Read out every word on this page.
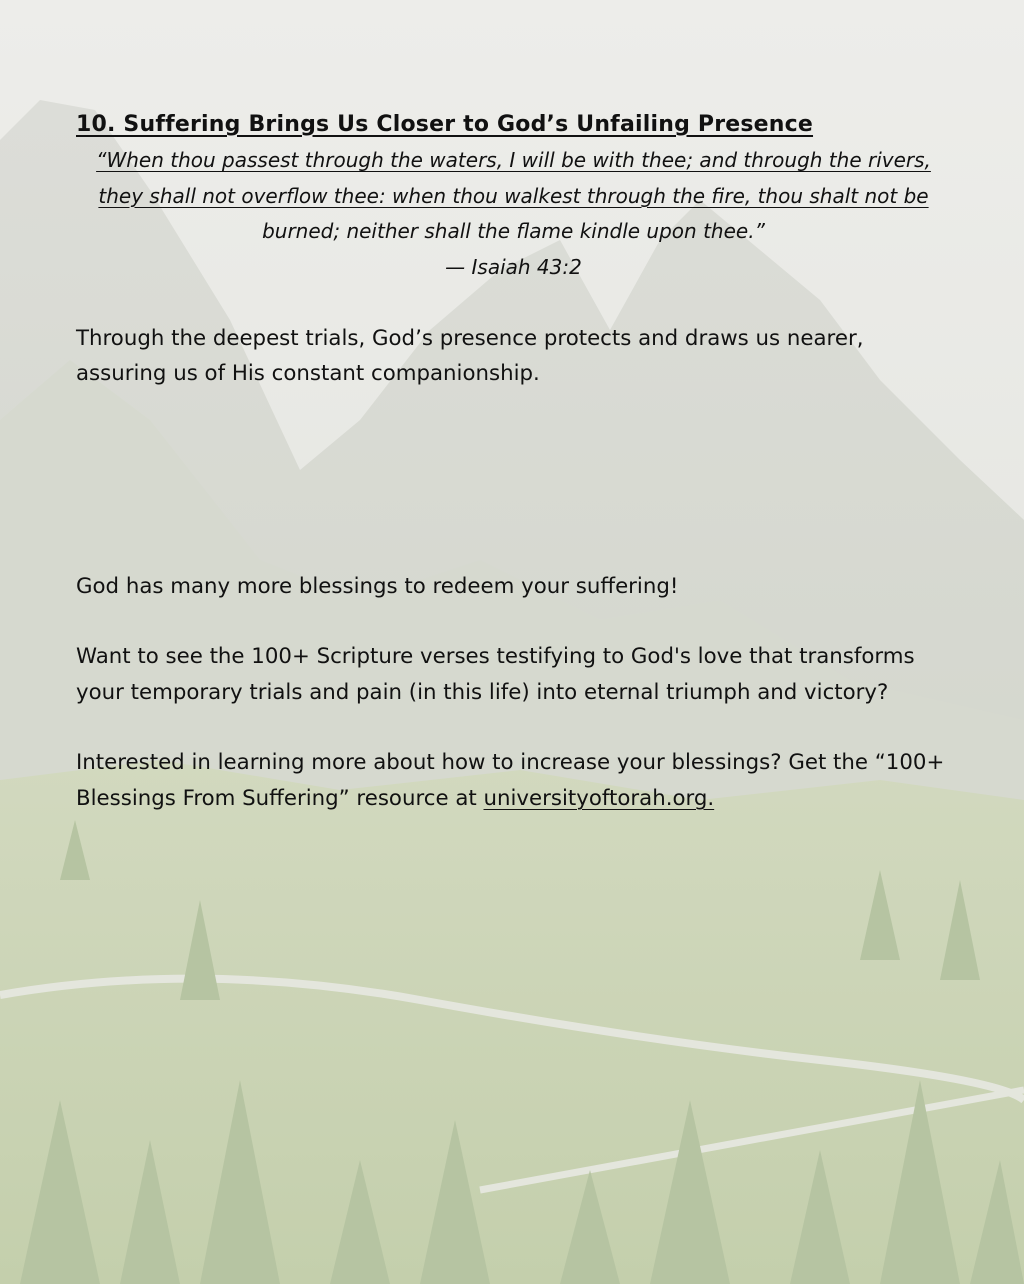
10. Suffering Brings Us Closer to God’s Unfailing Presence

“When thou passest through the waters, I will be with thee; and through the rivers, they shall not overflow thee: when thou walkest through the fire, thou shalt not be burned; neither shall the flame kindle upon thee.”

— Isaiah 43:2

Through the deepest trials, God’s presence protects and draws us nearer, assuring us of His constant companionship.

God has many more blessings to redeem your suffering!

Want to see the 100+ Scripture verses testifying to God's love that transforms your temporary trials and pain (in this life) into eternal triumph and victory?

Interested in learning more about how to increase your blessings? Get the “100+ Blessings From Suffering” resource at universityoftorah.org.
